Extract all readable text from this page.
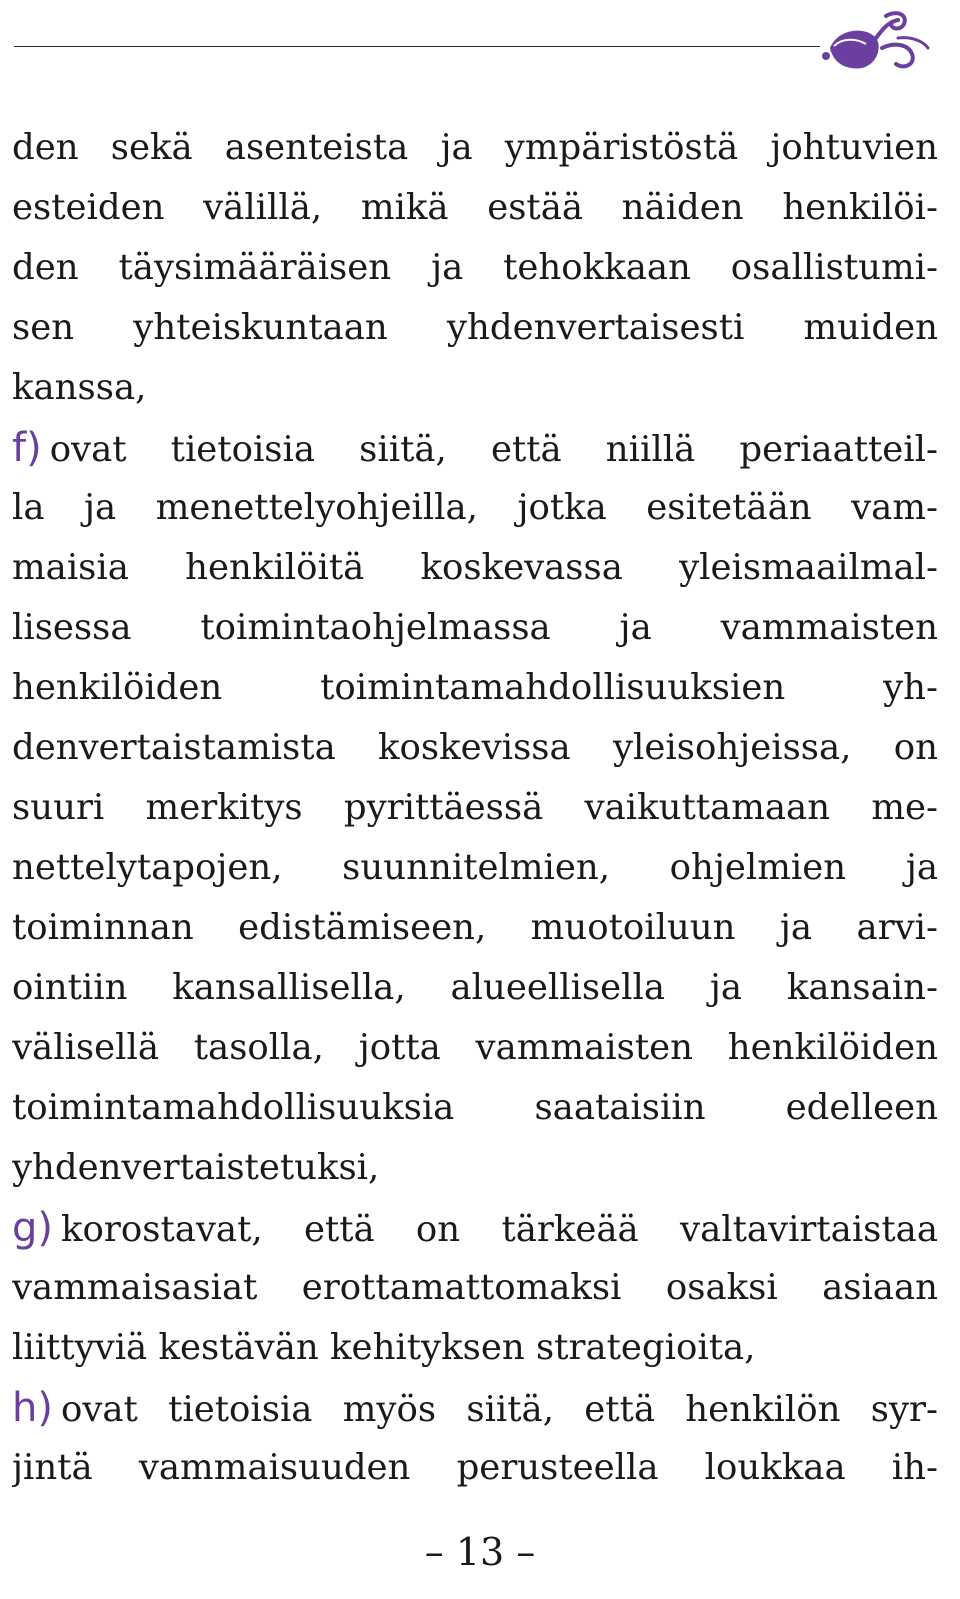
den sekä asenteista ja ympäristöstä johtuvien
esteiden välillä, mikä estää näiden henkilöi-
den täysimääräisen ja tehokkaan osallistumi-
sen yhteiskuntaan yhdenvertaisesti muiden
kanssa,
f) ovat tietoisia siitä, että niillä periaatteil-
la ja menettelyohjeilla, jotka esitetään vam-
maisia henkilöitä koskevassa yleismaailmal-
lisessa toimintaohjelmassa ja vammaisten
henkilöiden toimintamahdollisuuksien yh-
denvertaistamista koskevissa yleisohjeissa, on
suuri merkitys pyrittäessä vaikuttamaan me-
nettelytapojen, suunnitelmien, ohjelmien ja
toiminnan edistämiseen, muotoiluun ja arvi-
ointiin kansallisella, alueellisella ja kansain-
välisellä tasolla, jotta vammaisten henkilöiden
toimintamahdollisuuksia saataisiin edelleen
yhdenvertaistetuksi,
g) korostavat, että on tärkeää valtavirtaistaa
vammaisasiat erottamattomaksi osaksi asiaan
liittyviä kestävän kehityksen strategioita,
h) ovat tietoisia myös siitä, että henkilön syr-
jintä vammaisuuden perusteella loukkaa ih-
– 13 –
